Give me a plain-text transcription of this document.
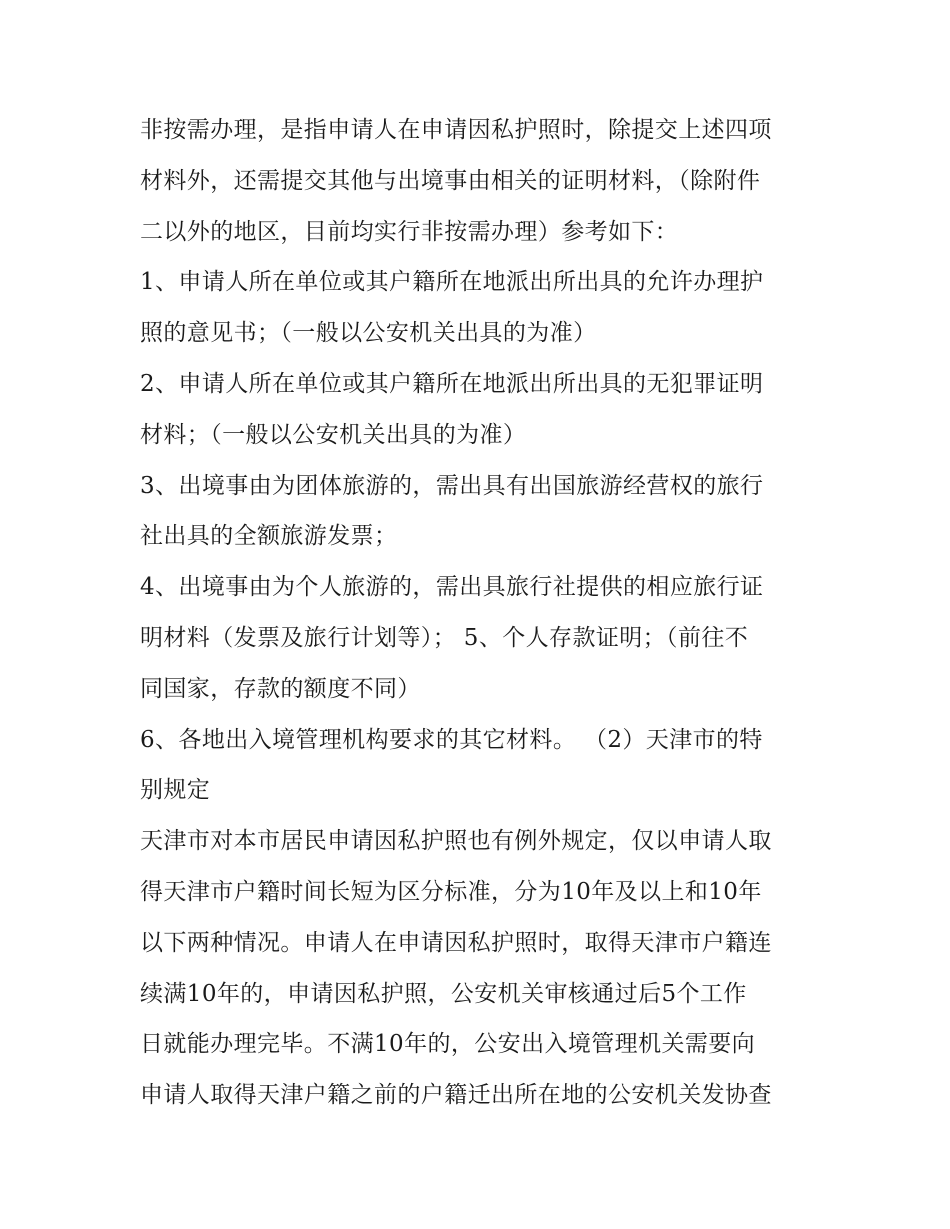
非按需办理，是指申请人在申请因私护照时，除提交上述四项
材料外，还需提交其他与出境事由相关的证明材料，（除附件
二以外的地区，目前均实行非按需办理）参考如下：
1、申请人所在单位或其户籍所在地派出所出具的允许办理护
照的意见书；（一般以公安机关出具的为准）
2、申请人所在单位或其户籍所在地派出所出具的无犯罪证明
材料；（一般以公安机关出具的为准）
3、出境事由为团体旅游的，需出具有出国旅游经营权的旅行
社出具的全额旅游发票；
4、出境事由为个人旅游的，需出具旅行社提供的相应旅行证
明材料（发票及旅行计划等）； 5、个人存款证明；（前往不
同国家，存款的额度不同）
6、各地出入境管理机构要求的其它材料。 （2）天津市的特
别规定
天津市对本市居民申请因私护照也有例外规定，仅以申请人取
得天津市户籍时间长短为区分标准，分为10年及以上和10年
以下两种情况。申请人在申请因私护照时，取得天津市户籍连
续满10年的，申请因私护照，公安机关审核通过后5个工作
日就能办理完毕。不满10年的，公安出入境管理机关需要向
申请人取得天津户籍之前的户籍迁出所在地的公安机关发协查
